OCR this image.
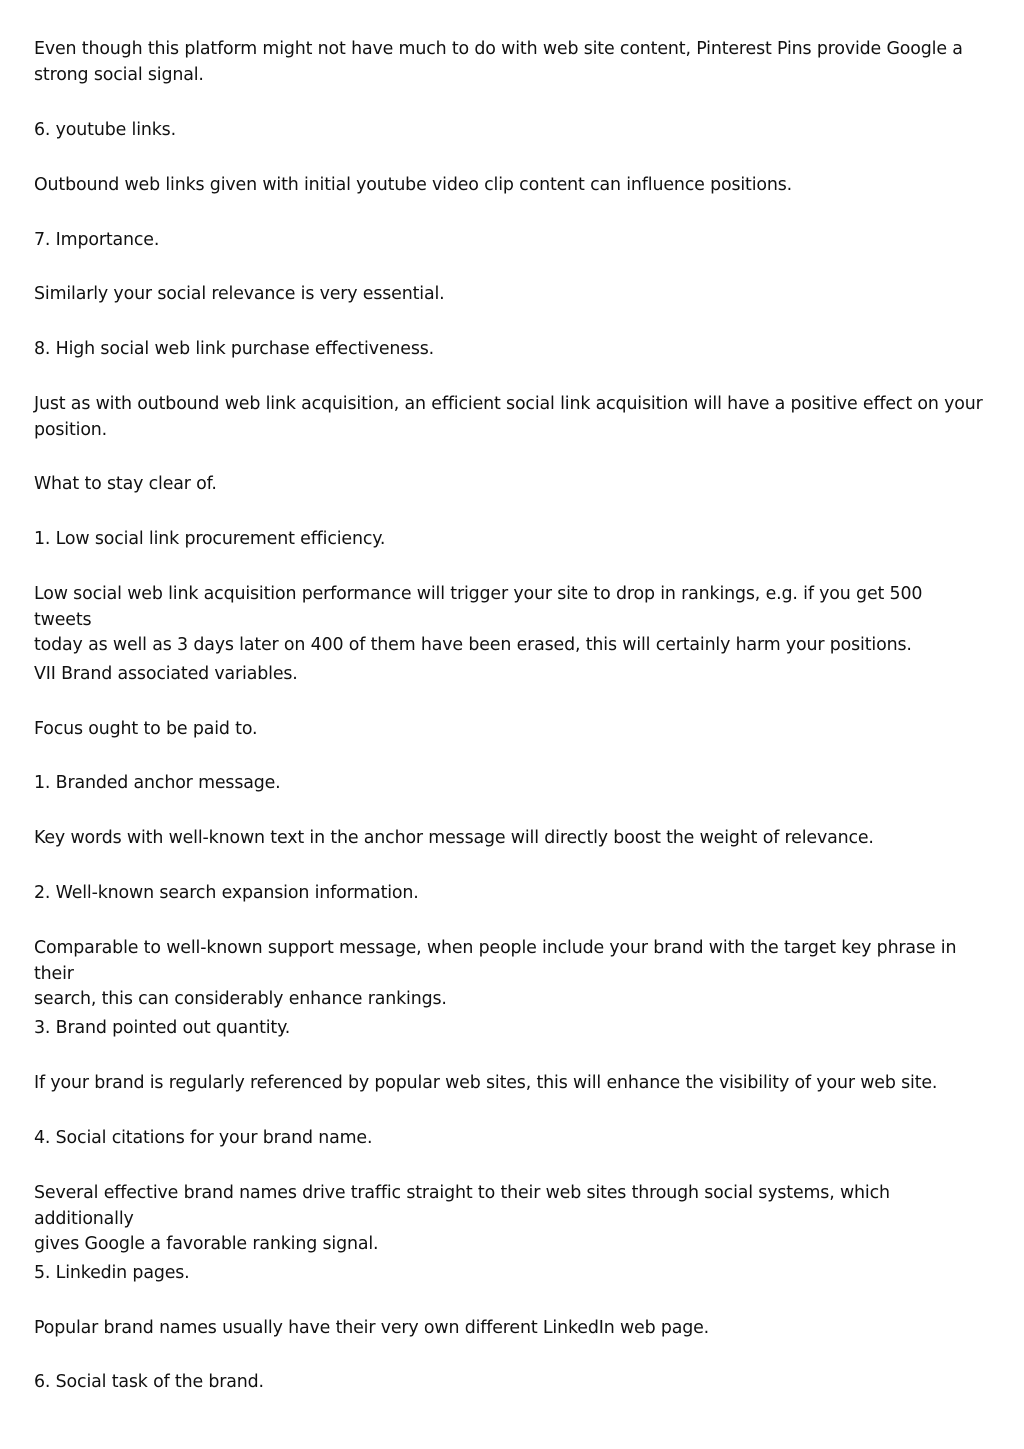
Even though this platform might not have much to do with web site content, Pinterest Pins provide Google a
strong social signal.

6. youtube links.

Outbound web links given with initial youtube video clip content can influence positions.

7. Importance.

Similarly your social relevance is very essential.

8. High social web link purchase effectiveness.

Just as with outbound web link acquisition, an efficient social link acquisition will have a positive effect on your
position.

What to stay clear of.

1. Low social link procurement efficiency.

Low social web link acquisition performance will trigger your site to drop in rankings, e.g. if you get 500 tweets
today as well as 3 days later on 400 of them have been erased, this will certainly harm your positions.

VII Brand associated variables.

Focus ought to be paid to.

1. Branded anchor message.

Key words with well-known text in the anchor message will directly boost the weight of relevance.

2. Well-known search expansion information.

Comparable to well-known support message, when people include your brand with the target key phrase in their
search, this can considerably enhance rankings.

3. Brand pointed out quantity.

If your brand is regularly referenced by popular web sites, this will enhance the visibility of your web site.

4. Social citations for your brand name.

Several effective brand names drive traffic straight to their web sites through social systems, which additionally
gives Google a favorable ranking signal.

5. Linkedin pages.

Popular brand names usually have their very own different LinkedIn web page.

6. Social task of the brand.
